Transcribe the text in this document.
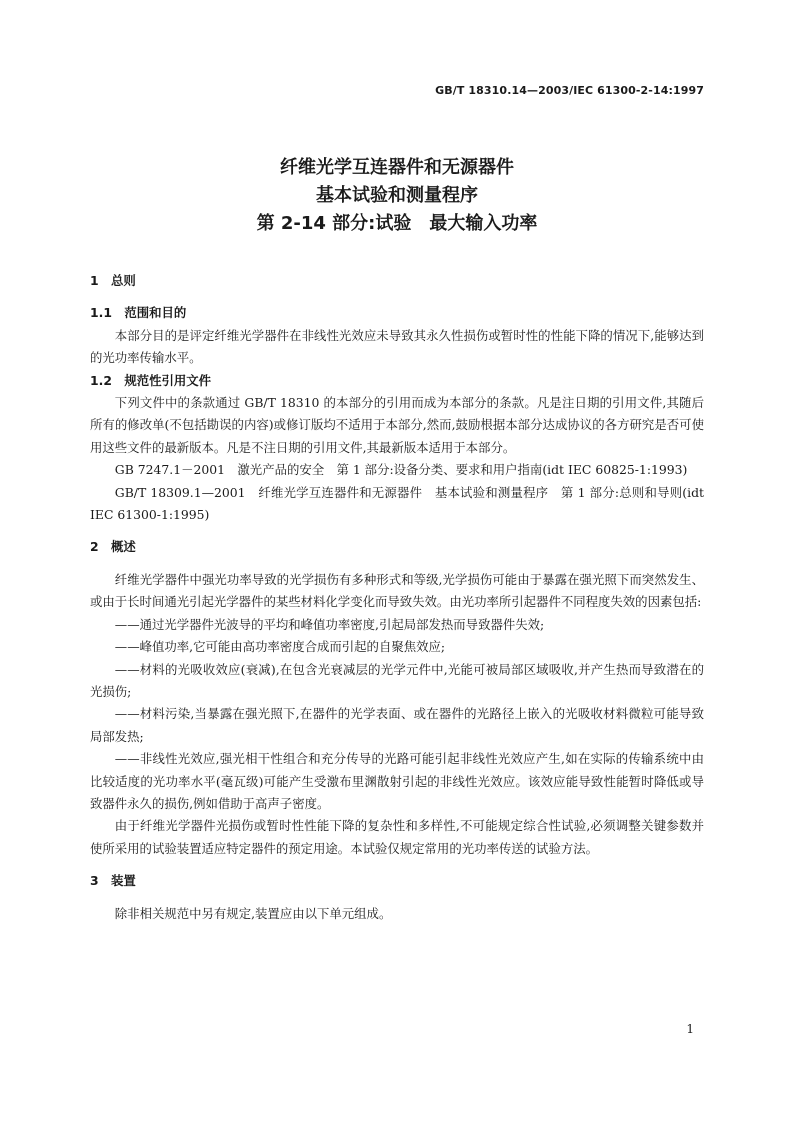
GB/T 18310.14—2003/IEC 61300-2-14:1997
纤维光学互连器件和无源器件
基本试验和测量程序
第 2-14 部分:试验　最大输入功率
1　总则
1.1　范围和目的
本部分目的是评定纤维光学器件在非线性光效应未导致其永久性损伤或暂时性的性能下降的情况下,能够达到的光功率传输水平。
1.2　规范性引用文件
下列文件中的条款通过 GB/T 18310 的本部分的引用而成为本部分的条款。凡是注日期的引用文件,其随后所有的修改单(不包括勘误的内容)或修订版均不适用于本部分,然而,鼓励根据本部分达成协议的各方研究是否可使用这些文件的最新版本。凡是不注日期的引用文件,其最新版本适用于本部分。
GB 7247.1－2001　激光产品的安全　第 1 部分:设备分类、要求和用户指南(idt IEC 60825-1:1993)
GB/T 18309.1—2001　纤维光学互连器件和无源器件　基本试验和测量程序　第 1 部分:总则和导则(idt IEC 61300-1:1995)
2　概述
纤维光学器件中强光功率导致的光学损伤有多种形式和等级,光学损伤可能由于暴露在强光照下而突然发生、或由于长时间通光引起光学器件的某些材料化学变化而导致失效。由光功率所引起器件不同程度失效的因素包括:
——通过光学器件光波导的平均和峰值功率密度,引起局部发热而导致器件失效;
——峰值功率,它可能由高功率密度合成而引起的自聚焦效应;
——材料的光吸收效应(衰减),在包含光衰减层的光学元件中,光能可被局部区域吸收,并产生热而导致潜在的光损伤;
——材料污染,当暴露在强光照下,在器件的光学表面、或在器件的光路径上嵌入的光吸收材料微粒可能导致局部发热;
——非线性光效应,强光相干性组合和充分传导的光路可能引起非线性光效应产生,如在实际的传输系统中由比较适度的光功率水平(毫瓦级)可能产生受激布里渊散射引起的非线性光效应。该效应能导致性能暂时降低或导致器件永久的损伤,例如借助于高声子密度。
由于纤维光学器件光损伤或暂时性性能下降的复杂性和多样性,不可能规定综合性试验,必须调整关键参数并使所采用的试验装置适应特定器件的预定用途。本试验仅规定常用的光功率传送的试验方法。
3　装置
除非相关规范中另有规定,装置应由以下单元组成。
1
